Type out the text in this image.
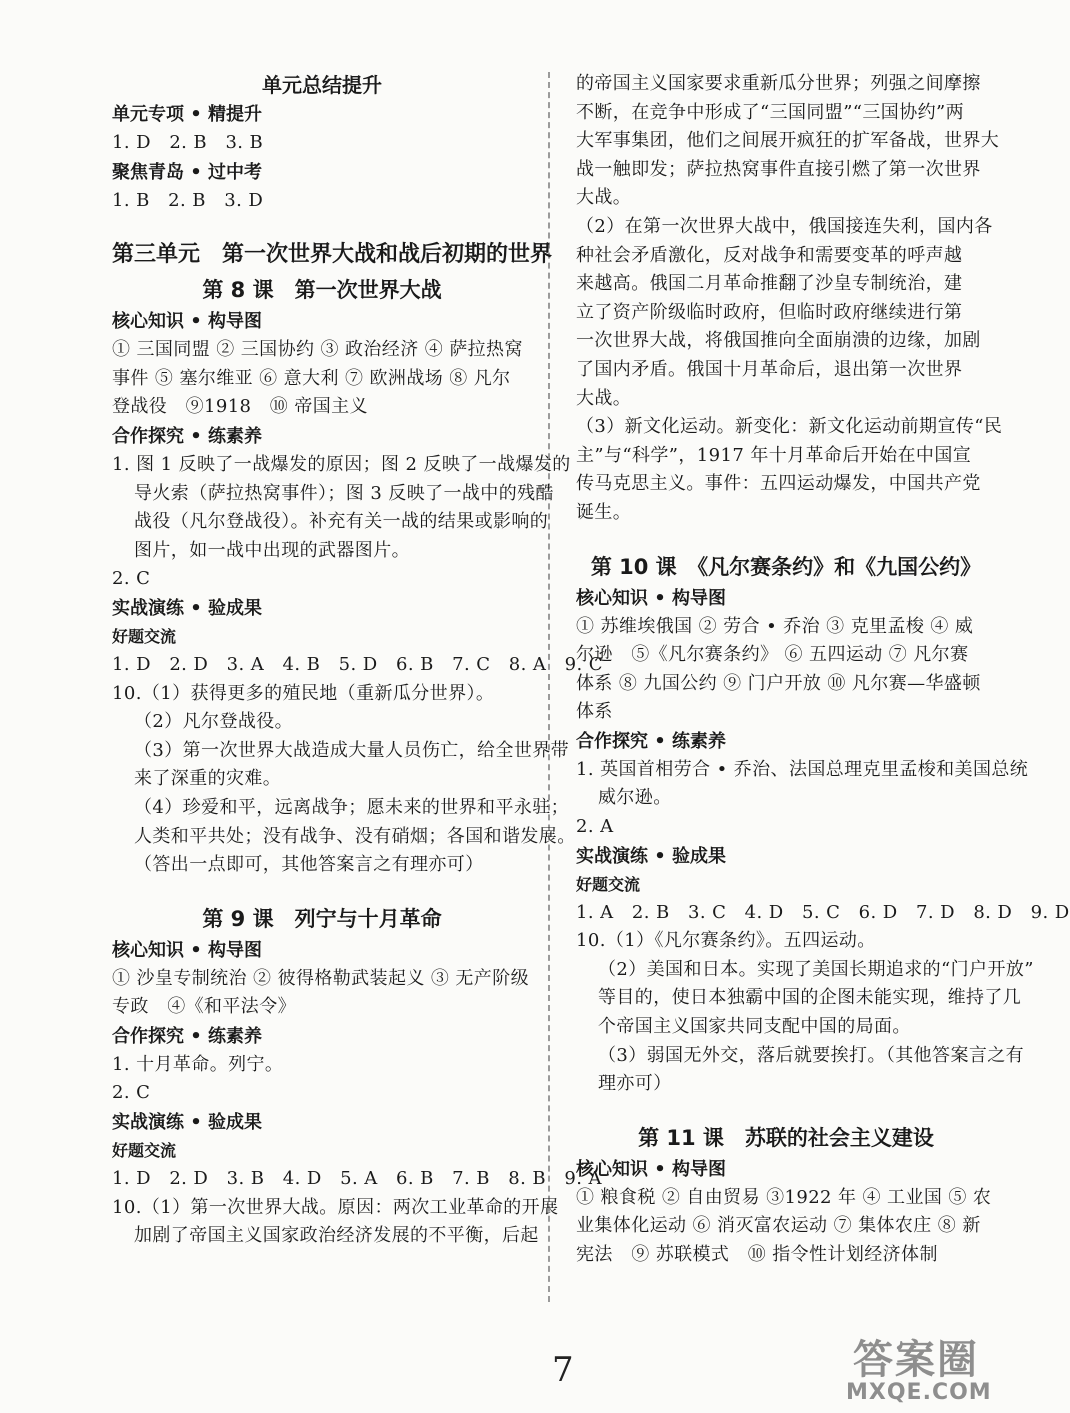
单元总结提升
单元专项 • 精提升
1. D　2. B　3. B
聚焦青岛 • 过中考
1. B　2. B　3. D
第三单元　第一次世界大战和战后初期的世界
第 8 课　第一次世界大战
核心知识 • 构导图
① 三国同盟 ② 三国协约 ③ 政治经济 ④ 萨拉热窝
事件 ⑤ 塞尔维亚 ⑥ 意大利 ⑦ 欧洲战场 ⑧ 凡尔
登战役　⑨1918　⑩ 帝国主义
合作探究 • 练素养
1. 图 1 反映了一战爆发的原因；图 2 反映了一战爆发的
导火索（萨拉热窝事件）；图 3 反映了一战中的残酷
战役（凡尔登战役）。补充有关一战的结果或影响的
图片，如一战中出现的武器图片。
2. C
实战演练 • 验成果
好题交流
1. D　2. D　3. A　4. B　5. D　6. B　7. C　8. A　9. C
10.（1）获得更多的殖民地（重新瓜分世界）。
（2）凡尔登战役。
（3）第一次世界大战造成大量人员伤亡，给全世界带
来了深重的灾难。
（4）珍爱和平，远离战争；愿未来的世界和平永驻；
人类和平共处；没有战争、没有硝烟；各国和谐发展。
（答出一点即可，其他答案言之有理亦可）
第 9 课　列宁与十月革命
核心知识 • 构导图
① 沙皇专制统治 ② 彼得格勒武装起义 ③ 无产阶级
专政　④《和平法令》
合作探究 • 练素养
1. 十月革命。列宁。
2. C
实战演练 • 验成果
好题交流
1. D　2. D　3. B　4. D　5. A　6. B　7. B　8. B　9. A
10.（1）第一次世界大战。原因：两次工业革命的开展
加剧了帝国主义国家政治经济发展的不平衡，后起
的帝国主义国家要求重新瓜分世界；列强之间摩擦
不断，在竞争中形成了“三国同盟”“三国协约”两
大军事集团，他们之间展开疯狂的扩军备战，世界大
战一触即发；萨拉热窝事件直接引燃了第一次世界
大战。
（2）在第一次世界大战中，俄国接连失利，国内各
种社会矛盾激化，反对战争和需要变革的呼声越
来越高。俄国二月革命推翻了沙皇专制统治，建
立了资产阶级临时政府，但临时政府继续进行第
一次世界大战，将俄国推向全面崩溃的边缘，加剧
了国内矛盾。俄国十月革命后，退出第一次世界
大战。
（3）新文化运动。新变化：新文化运动前期宣传“民
主”与“科学”，1917 年十月革命后开始在中国宣
传马克思主义。事件：五四运动爆发，中国共产党
诞生。
第 10 课　《凡尔赛条约》和《九国公约》
核心知识 • 构导图
① 苏维埃俄国 ② 劳合 • 乔治 ③ 克里孟梭 ④ 威
尔逊　⑤《凡尔赛条约》 ⑥ 五四运动 ⑦ 凡尔赛
体系 ⑧ 九国公约 ⑨ 门户开放 ⑩ 凡尔赛—华盛顿
体系
合作探究 • 练素养
1. 英国首相劳合 • 乔治、法国总理克里孟梭和美国总统
威尔逊。
2. A
实战演练 • 验成果
好题交流
1. A　2. B　3. C　4. D　5. C　6. D　7. D　8. D　9. D
10.（1）《凡尔赛条约》。五四运动。
（2）美国和日本。实现了美国长期追求的“门户开放”
等目的，使日本独霸中国的企图未能实现，维持了几
个帝国主义国家共同支配中国的局面。
（3）弱国无外交，落后就要挨打。（其他答案言之有
理亦可）
第 11 课　苏联的社会主义建设
核心知识 • 构导图
① 粮食税 ② 自由贸易 ③1922 年 ④ 工业国 ⑤ 农
业集体化运动 ⑥ 消灭富农运动 ⑦ 集体农庄 ⑧ 新
宪法　⑨ 苏联模式　⑩ 指令性计划经济体制
7	答案圈
MXQE.COM
